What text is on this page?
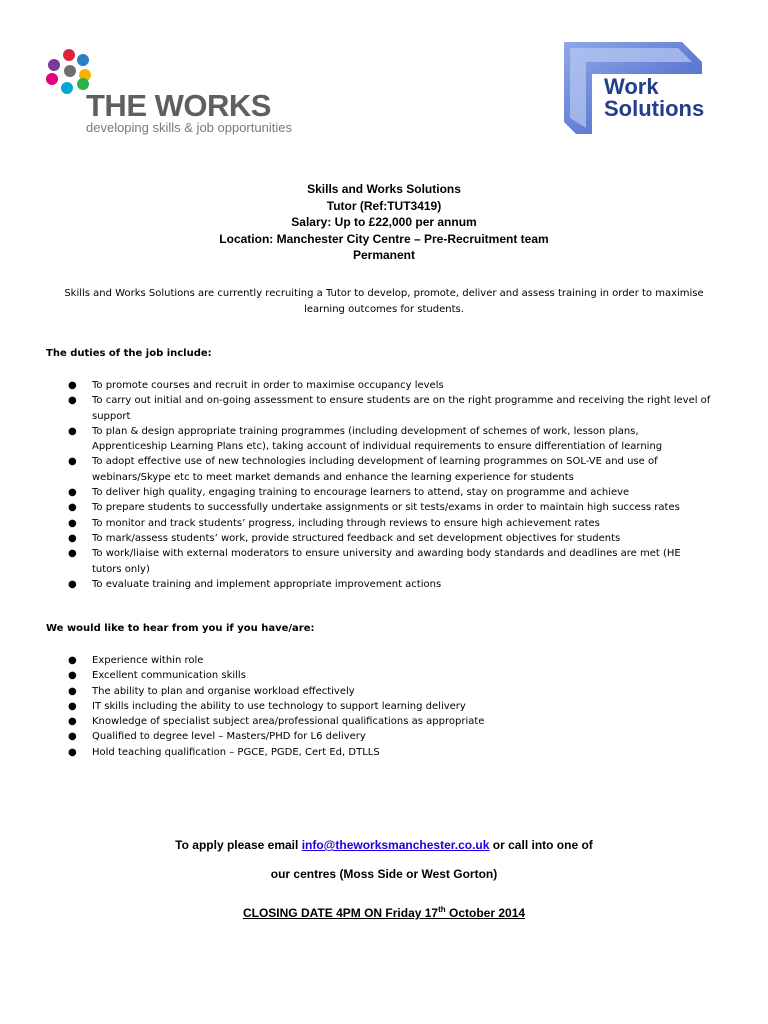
THE WORKS
developing skills & job opportunities
Work
Solutions
Skills and Works Solutions
Tutor (Ref:TUT3419)
Salary: Up to £22,000 per annum
Location: Manchester City Centre – Pre-Recruitment team
Permanent
Skills and Works Solutions are currently recruiting a Tutor to develop, promote, deliver and assess training in order to maximise learning outcomes for students.
The duties of the job include:
● To promote courses and recruit in order to maximise occupancy levels
● To carry out initial and on-going assessment to ensure students are on the right programme and receiving the right level of support
● To plan & design appropriate training programmes (including development of schemes of work, lesson plans, Apprenticeship Learning Plans etc), taking account of individual requirements to ensure differentiation of learning
● To adopt effective use of new technologies including development of learning programmes on SOL-VE and use of webinars/Skype etc to meet market demands and enhance the learning experience for students
● To deliver high quality, engaging training to encourage learners to attend, stay on programme and achieve
● To prepare students to successfully undertake assignments or sit tests/exams in order to maintain high success rates
● To monitor and track students’ progress, including through reviews to ensure high achievement rates
● To mark/assess students’ work, provide structured feedback and set development objectives for students
● To work/liaise with external moderators to ensure university and awarding body standards and deadlines are met (HE tutors only)
● To evaluate training and implement appropriate improvement actions
We would like to hear from you if you have/are:
● Experience within role
● Excellent communication skills
● The ability to plan and organise workload effectively
● IT skills including the ability to use technology to support learning delivery
● Knowledge of specialist subject area/professional qualifications as appropriate
● Qualified to degree level – Masters/PHD for L6 delivery
● Hold teaching qualification – PGCE, PGDE, Cert Ed, DTLLS
To apply please email info@theworksmanchester.co.uk or call into one of
our centres (Moss Side or West Gorton)
CLOSING DATE 4PM ON Friday 17th October 2014
